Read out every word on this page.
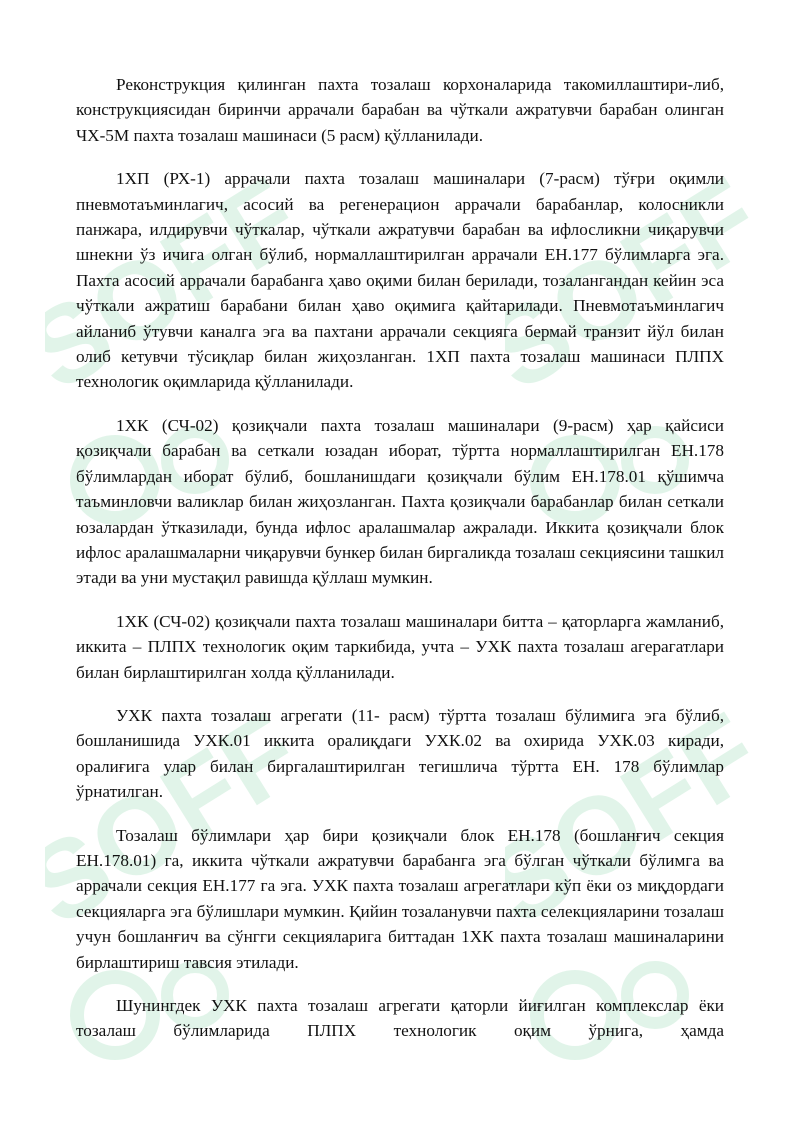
SOFF SOFF
SOFF SOFF

Реконструкция қилинган пахта тозалаш корхоналарида такомиллаштири-либ, конструкциясидан биринчи аррачали барабан ва чўткали ажратувчи барабан олинган ЧХ-5М пахта тозалаш машинаси (5 расм) қўлланилади.

1ХП (РХ-1) аррачали пахта тозалаш машиналари (7-расм) тўғри оқимли пневмотаъминлагич, асосий ва регенерацион аррачали барабанлар, колосникли панжара, илдирувчи чўткалар, чўткали ажратувчи барабан ва ифлосликни чиқарувчи шнекни ўз ичига олган бўлиб, нормаллаштирилган аррачали ЕН.177 бўлимларга эга. Пахта асосий аррачали барабанга ҳаво оқими билан берилади, тозалангандан кейин эса чўткали ажратиш барабани билан ҳаво оқимига қайтарилади. Пневмотаъминлагич айланиб ўтувчи каналга эга ва пахтани аррачали секцияга бермай транзит йўл билан олиб кетувчи тўсиқлар билан жиҳозланган. 1ХП пахта тозалаш машинаси ПЛПХ технологик оқимларида қўлланилади.

1ХК (СЧ-02) қозиқчали пахта тозалаш машиналари (9-расм) ҳар қайсиси қозиқчали барабан ва сеткали юзадан иборат, тўртта нормаллаштирилган ЕН.178 бўлимлардан иборат бўлиб, бошланишдаги қозиқчали бўлим ЕН.178.01 қўшимча таъминловчи валиклар билан жиҳозланган. Пахта қозиқчали барабанлар билан сеткали юзалардан ўтказилади, бунда ифлос аралашмалар ажралади. Иккита қозиқчали блок ифлос аралашмаларни чиқарувчи бункер билан биргаликда тозалаш секциясини ташкил этади ва уни мустақил равишда қўллаш мумкин.

1ХК (СЧ-02) қозиқчали пахта тозалаш машиналари битта – қаторларга жамланиб, иккита – ПЛПХ технологик оқим таркибида, учта – УХК пахта тозалаш агерагатлари билан бирлаштирилган холда қўлланилади.

УХК пахта тозалаш агрегати (11- расм) тўртта тозалаш бўлимига эга бўлиб, бошланишида УХК.01 иккита оралиқдаги УХК.02 ва охирида УХК.03 киради, оралиғига улар билан биргалаштирилган тегишлича тўртта ЕН. 178 бўлимлар ўрнатилган.

Тозалаш бўлимлари ҳар бири қозиқчали блок ЕН.178 (бошланғич секция ЕН.178.01) га, иккита чўткали ажратувчи барабанга эга бўлган чўткали бўлимга ва аррачали секция ЕН.177 га эга. УХК пахта тозалаш агрегатлари кўп ёки оз миқдордаги секцияларга эга бўлишлари мумкин. Қийин тозаланувчи пахта селекцияларини тозалаш учун бошланғич ва сўнгги секцияларига биттадан 1ХК пахта тозалаш машиналарини бирлаштириш тавсия этилади.

Шунингдек УХК пахта тозалаш агрегати қаторли йиғилган комплекслар ёки тозалаш бўлимларида ПЛПХ технологик оқим ўрнига, ҳамда
